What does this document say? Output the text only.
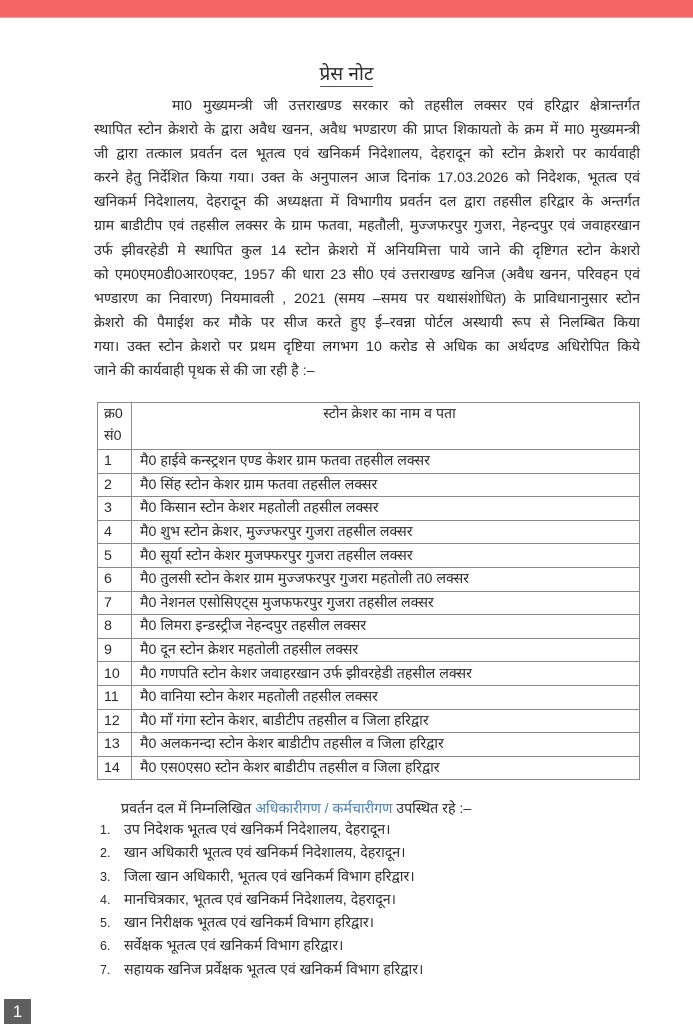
प्रेस नोट
मा0 मुख्यमन्त्री जी उत्तराखण्ड सरकार को तहसील लक्सर एवं हरिद्वार क्षेत्रान्तर्गत
स्थापित स्टोन क्रेशरो के द्वारा अवैध खनन, अवैध भण्डारण की प्राप्त शिकायतो के क्रम में मा0 मुख्यमन्त्री
जी द्वारा तत्काल प्रवर्तन दल भूतत्व एवं खनिकर्म निदेशालय, देहरादून को स्टोन क्रेशरो पर कार्यवाही
करने हेतु निर्देशित किया गया। उक्त के अनुपालन आज दिनांक 17.03.2026 को निदेशक, भूतत्व एवं
खनिकर्म निदेशालय, देहरादून की अध्यक्षता में विभागीय प्रवर्तन दल द्वारा तहसील हरिद्वार के अन्तर्गत
ग्राम बाडीटीप एवं तहसील लक्सर के ग्राम फतवा, महतौली, मुज्जफरपुर गुजरा, नेहन्दपुर एवं जवाहरखान
उर्फ झीवरहेडी मे स्थापित कुल 14 स्टोन क्रेशरो में अनियमित्ता पाये जाने की दृष्टिगत स्टोन केशरो
को एम0एम0डी0आर0एक्ट, 1957 की धारा 23 सी0 एवं उत्तराखण्ड खनिज (अवैध खनन, परिवहन एवं
भण्डारण का निवारण) नियमावली , 2021 (समय –समय पर यथासंशोधित) के प्राविधानानुसार स्टोन
क्रेशरो की पैमाईश कर मौके पर सीज करते हुए ई–रवन्ना पोर्टल अस्थायी रूप से निलम्बित किया
गया। उक्त स्टोन क्रेशरो पर प्रथम दृष्टिया लगभग 10 करोड से अधिक का अर्थदण्ड अधिरोपित किये
जाने की कार्यवाही पृथक से की जा रही है :–
क्र0
सं0	स्टोन क्रेशर का नाम व पता
1	मै0 हाईवे कन्स्ट्रशन एण्ड केशर ग्राम फतवा तहसील लक्सर
2	मै0 सिंह स्टोन केशर ग्राम फतवा तहसील लक्सर
3	मै0 किसान स्टोन केशर महतोली तहसील लक्सर
4	मै0 शुभ स्टोन क्रेशर, मुज्ज्फरपुर गुजरा तहसील लक्सर
5	मै0 सूर्या स्टोन केशर मुजफ्फरपुर गुजरा तहसील लक्सर
6	मै0 तुलसी स्टोन केशर ग्राम मुज्जफरपुर गुजरा महतोली त0 लक्सर
7	मै0 नेशनल एसोसिएट्स मुजफफरपुर गुजरा तहसील लक्सर
8	मै0 लिमरा इन्डस्ट्रीज नेहन्दपुर तहसील लक्सर
9	मै0 दून स्टोन क्रेशर महतोली तहसील लक्सर
10	मै0 गणपति स्टोन केशर जवाहरखान उर्फ झीवरहेडी तहसील लक्सर
11	मै0 वानिया स्टोन केशर महतोली तहसील लक्सर
12	मै0 माँ गंगा स्टोन केशर, बाडीटीप तहसील व जिला हरिद्वार
13	मै0 अलकनन्दा स्टोन केशर बाडीटीप तहसील व जिला हरिद्वार
14	मै0 एस0एस0 स्टोन केशर बाडीटीप तहसील व जिला हरिद्वार
प्रवर्तन दल में निम्नलिखित अधिकारीगण / कर्मचारीगण उपस्थित रहे :–
1. उप निदेशक भूतत्व एवं खनिकर्म निदेशालय, देहरादून।
2. खान अधिकारी भूतत्व एवं खनिकर्म निदेशालय, देहरादून।
3. जिला खान अधिकारी, भूतत्व एवं खनिकर्म विभाग हरिद्वार।
4. मानचित्रकार, भूतत्व एवं खनिकर्म निदेशालय, देहरादून।
5. खान निरीक्षक भूतत्व एवं खनिकर्म विभाग हरिद्वार।
6. सर्वेक्षक भूतत्व एवं खनिकर्म विभाग हरिद्वार।
7. सहायक खनिज प्रर्वेक्षक भूतत्व एवं खनिकर्म विभाग हरिद्वार।
1
